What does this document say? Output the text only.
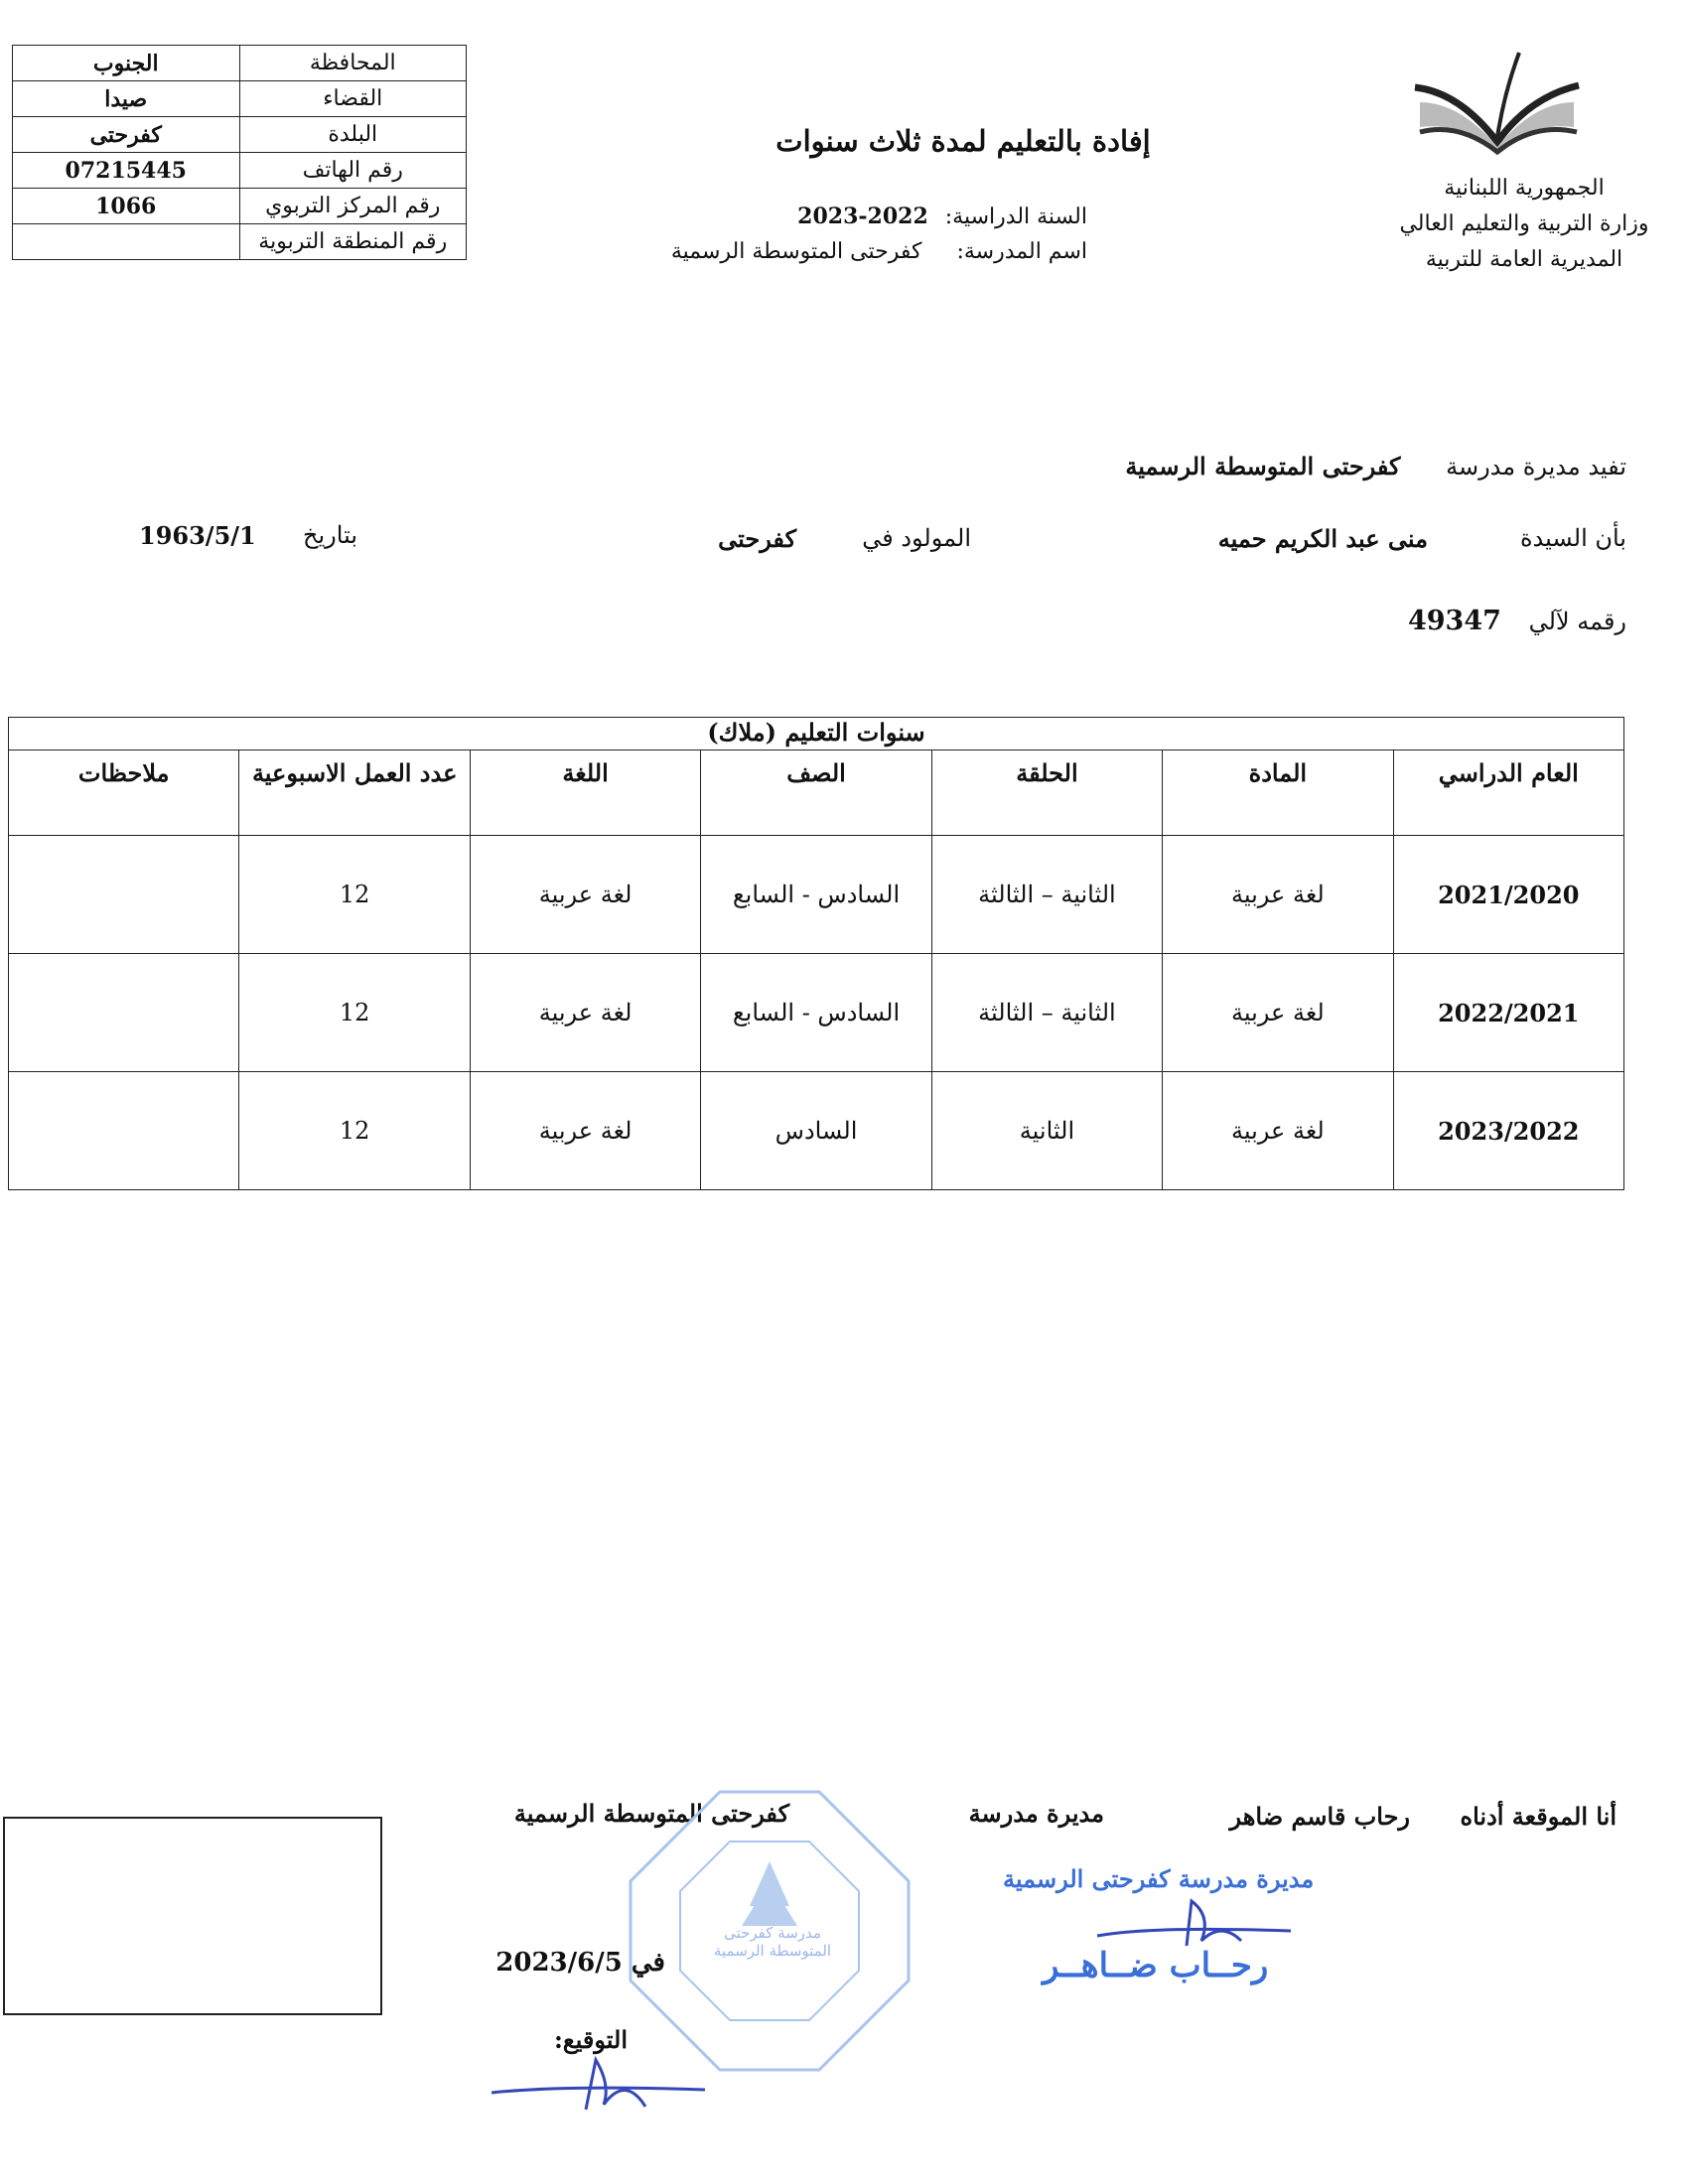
المحافظة	الجنوب
القضاء	صيدا
البلدة	كفرحتى
رقم الهاتف	07215445
رقم المركز التربوي	1066
رقم المنطقة التربوية	
الجمهورية اللبنانية
وزارة التربية والتعليم العالي
المديرية العامة للتربية
إفادة بالتعليم لمدة ثلاث سنوات
السنة الدراسية: 2022-2023
اسم المدرسة: كفرحتى المتوسطة الرسمية
تفيد مديرة مدرسة كفرحتى المتوسطة الرسمية
بأن السيدة
منى عبد الكريم حميه
المولود في
كفرحتى
بتاريخ
1963/5/1
رقمه لآلي 49347
سنوات التعليم (ملاك)						
العام الدراسي	المادة	الحلقة	الصف	اللغة	عدد العمل الاسبوعية	ملاحظات
2021/2020	لغة عربية	الثانية – الثالثة	السادس - السابع	لغة عربية	12	
2022/2021	لغة عربية	الثانية – الثالثة	السادس - السابع	لغة عربية	12	
2023/2022	لغة عربية	الثانية	السادس	لغة عربية	12	
أنا الموقعة أدناه
رحاب قاسم ضاهر
مديرة مدرسة
كفرحتى المتوسطة الرسمية
مدرسة كفرحتى المتوسطة الرسمية
مديرة مدرسة كفرحتى الرسمية
رحــاب ضــاهــر
في 2023/6/5
التوقيع:
